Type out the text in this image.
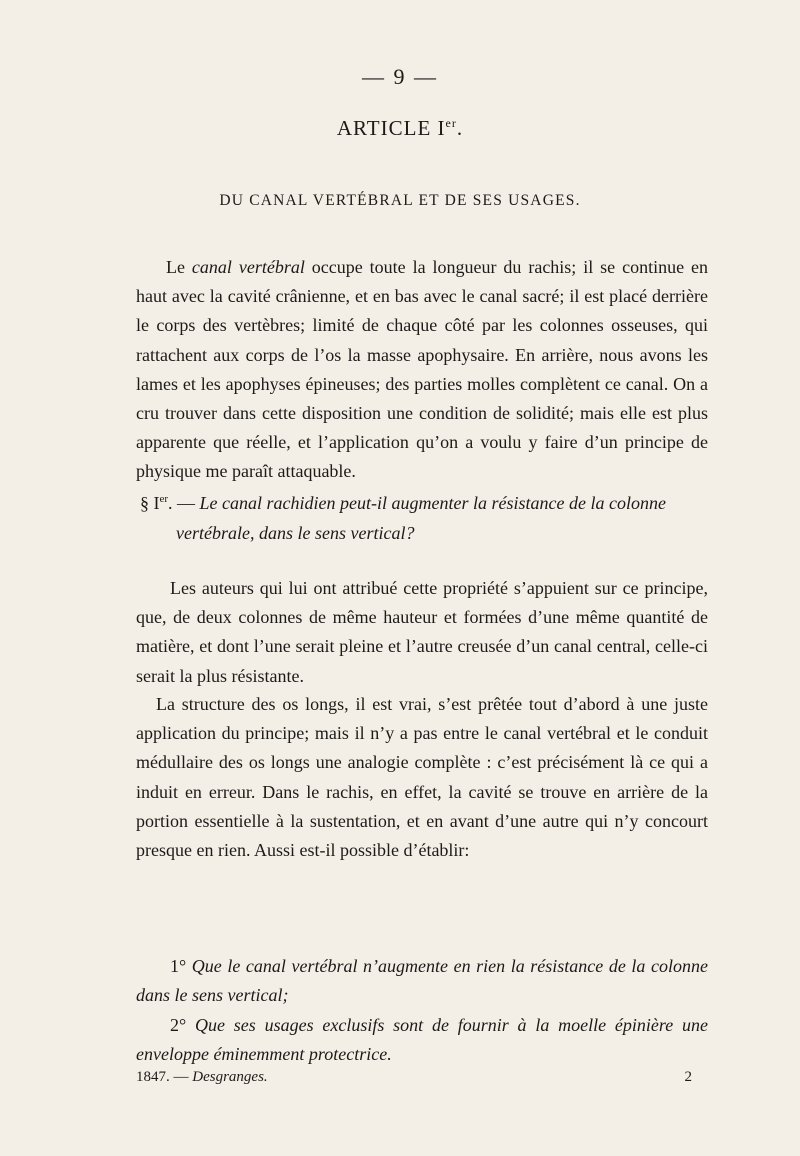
— 9 —
ARTICLE Ier.
DU CANAL VERTÉBRAL ET DE SES USAGES.

Le canal vertébral occupe toute la longueur du rachis; il se continue en haut avec la cavité crânienne, et en bas avec le canal sacré; il est placé derrière le corps des vertèbres; limité de chaque côté par les colonnes osseuses, qui rattachent aux corps de l’os la masse apophysaire. En arrière, nous avons les lames et les apophyses épineuses; des parties molles complètent ce canal. On a cru trouver dans cette disposition une condition de solidité; mais elle est plus apparente que réelle, et l’application qu’on a voulu y faire d’un principe de physique me paraît attaquable.

§ Ier. — Le canal rachidien peut-il augmenter la résistance de la colonne
vertébrale, dans le sens vertical?

Les auteurs qui lui ont attribué cette propriété s’appuient sur ce principe, que, de deux colonnes de même hauteur et formées d’une même quantité de matière, et dont l’une serait pleine et l’autre creusée d’un canal central, celle-ci serait la plus résistante.

La structure des os longs, il est vrai, s’est prêtée tout d’abord à une juste application du principe; mais il n’y a pas entre le canal vertébral et le conduit médullaire des os longs une analogie complète : c’est précisément là ce qui a induit en erreur. Dans le rachis, en effet, la cavité se trouve en arrière de la portion essentielle à la sustentation, et en avant d’une autre qui n’y concourt presque en rien. Aussi est-il possible d’établir:

1° Que le canal vertébral n’augmente en rien la résistance de la colonne dans le sens vertical;

2° Que ses usages exclusifs sont de fournir à la moelle épinière une enveloppe éminemment protectrice.

1847. — Desgranges.	2
